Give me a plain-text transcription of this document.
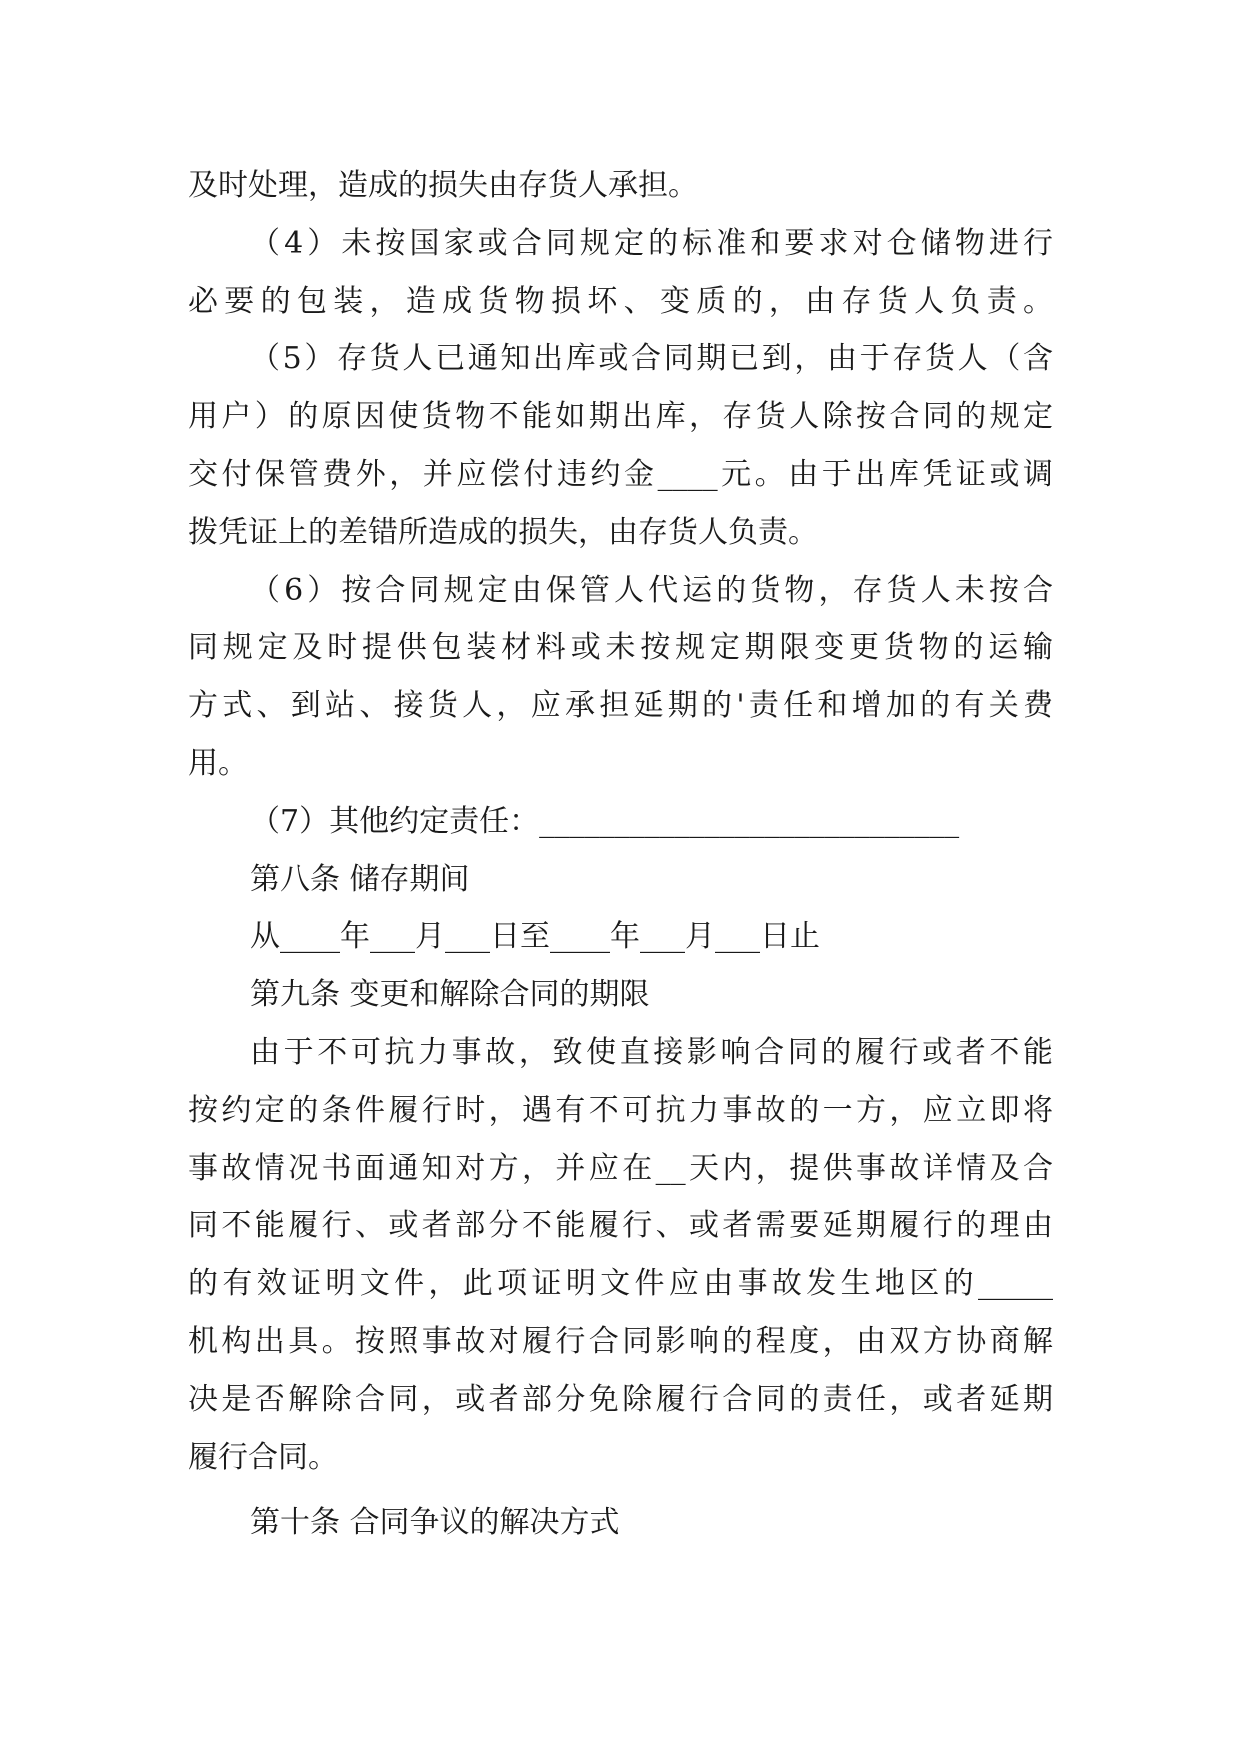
及时处理，造成的损失由存货人承担。
（4）未按国家或合同规定的标准和要求对仓储物进行
必要的包装，造成货物损坏、变质的，由存货人负责。
（5）存货人已通知出库或合同期已到，由于存货人（含
用户）的原因使货物不能如期出库，存货人除按合同的规定
交付保管费外，并应偿付违约金____元。由于出库凭证或调
拨凭证上的差错所造成的损失，由存货人负责。
（6）按合同规定由保管人代运的货物，存货人未按合
同规定及时提供包装材料或未按规定期限变更货物的运输
方式、到站、接货人，应承担延期的'责任和增加的有关费
用。
（7）其他约定责任：____________________________
第八条 储存期间
从____年___月___日至____年___月___日止
第九条 变更和解除合同的期限
由于不可抗力事故，致使直接影响合同的履行或者不能
按约定的条件履行时，遇有不可抗力事故的一方，应立即将
事故情况书面通知对方，并应在__天内，提供事故详情及合
同不能履行、或者部分不能履行、或者需要延期履行的理由
的有效证明文件，此项证明文件应由事故发生地区的_____
机构出具。按照事故对履行合同影响的程度，由双方协商解
决是否解除合同，或者部分免除履行合同的责任，或者延期
履行合同。
第十条 合同争议的解决方式
